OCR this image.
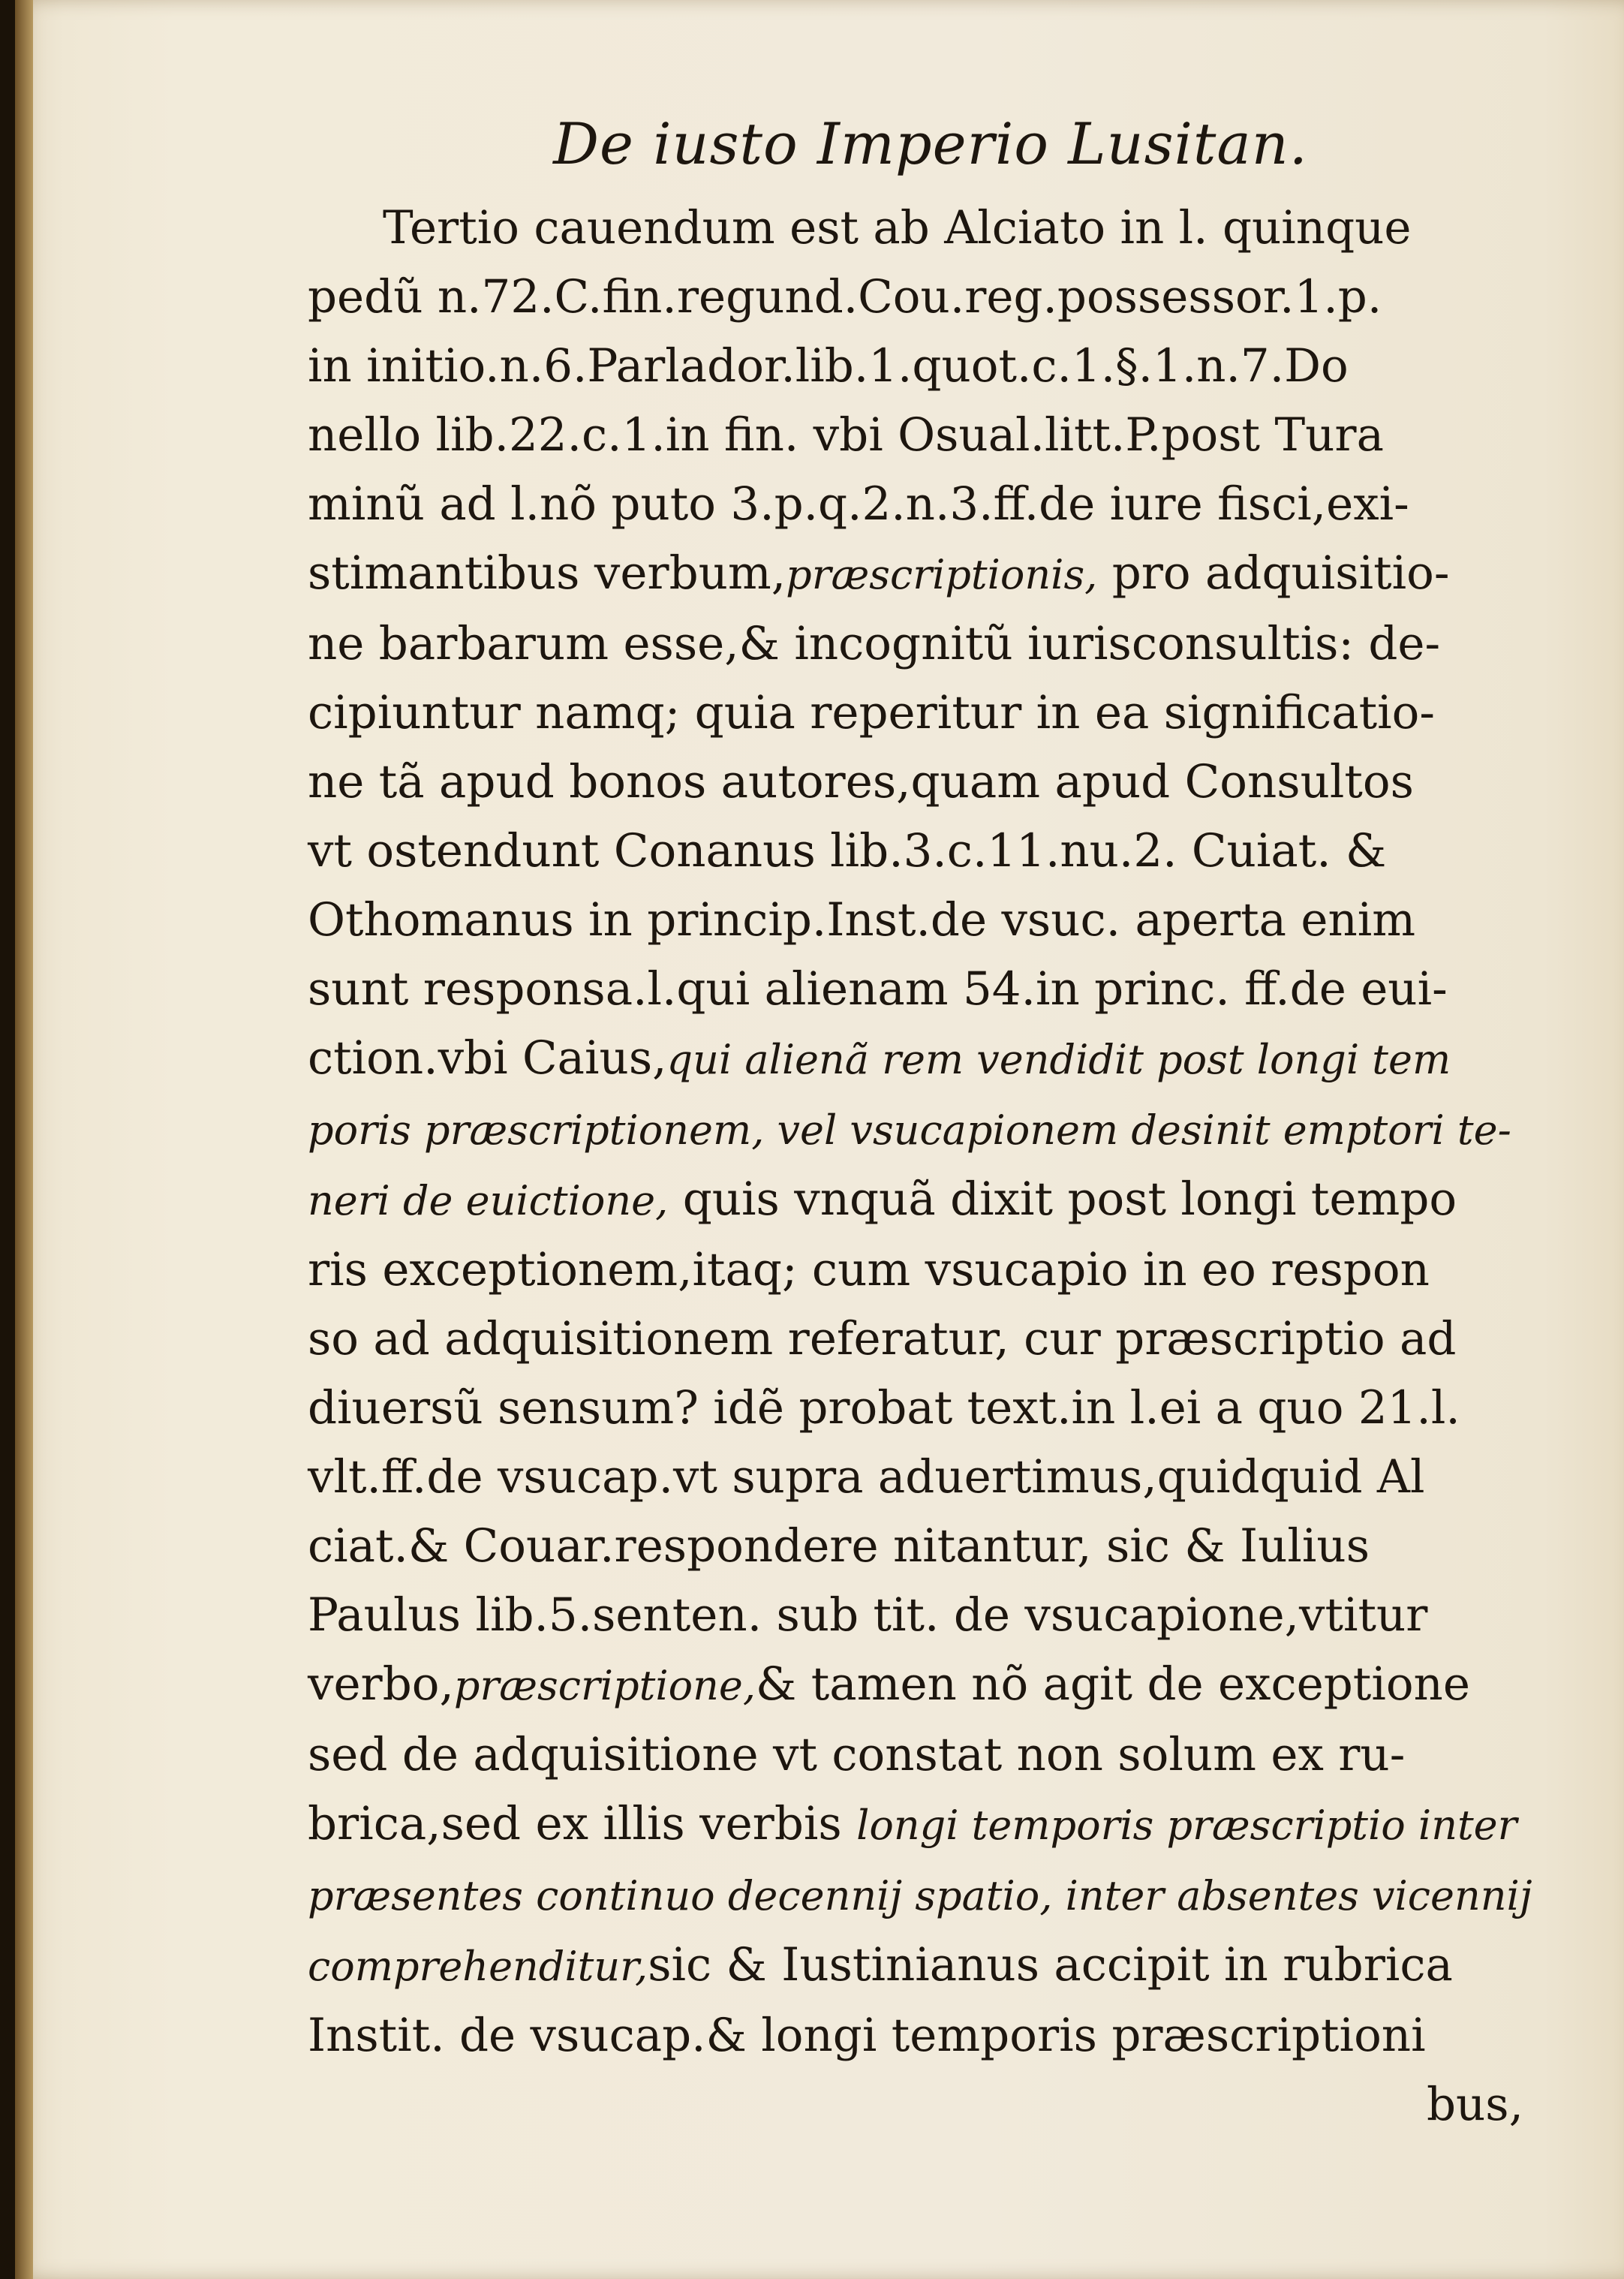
De iusto Imperio Lusitan.
Tertio cauendum est ab Alciato in l. quinque
pedũ n.72.C.fin.regund.Cou.reg.possessor.1.p.
in initio.n.6.Parlador.lib.1.quot.c.1.§.1.n.7.Do
nello lib.22.c.1.in fin. vbi Osual.litt.P.post Tura
minũ ad l.nõ puto 3.p.q.2.n.3.ff.de iure fisci,exi-
stimantibus verbum,præscriptionis, pro adquisitio-
ne barbarum esse,& incognitũ iurisconsultis: de-
cipiuntur namq; quia reperitur in ea significatio-
ne tã apud bonos autores,quam apud Consultos
vt ostendunt Conanus lib.3.c.11.nu.2. Cuiat. &
Othomanus in princip.Inst.de vsuc. aperta enim
sunt responsa.l.qui alienam 54.in princ. ff.de eui-
ction.vbi Caius,qui alienã rem vendidit post longi tem
poris præscriptionem, vel vsucapionem desinit emptori te-
neri de euictione, quis vnquã dixit post longi tempo
ris exceptionem,itaq; cum vsucapio in eo respon
so ad adquisitionem referatur, cur præscriptio ad
diuersũ sensum? idẽ probat text.in l.ei a quo 21.l.
vlt.ff.de vsucap.vt supra aduertimus,quidquid Al
ciat.& Couar.respondere nitantur, sic & Iulius
Paulus lib.5.senten. sub tit. de vsucapione,vtitur
verbo,præscriptione,& tamen nõ agit de exceptione
sed de adquisitione vt constat non solum ex ru-
brica,sed ex illis verbis longi temporis præscriptio inter
præsentes continuo decennij spatio, inter absentes vicennij
comprehenditur,sic & Iustinianus accipit in rubrica
Instit. de vsucap.& longi temporis præscriptioni
bus,
